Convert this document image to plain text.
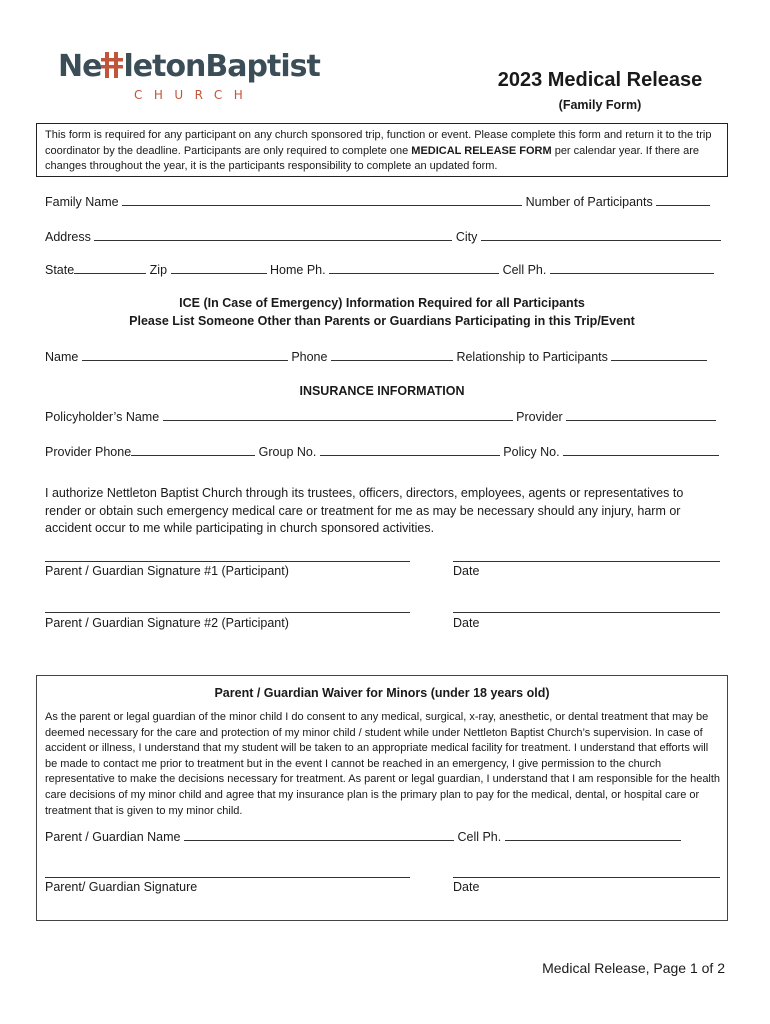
Ne letonBaptist
CHURCH
2023 Medical Release
(Family Form)
This form is required for any participant on any church sponsored trip, function or event. Please complete this form and return it to the trip coordinator by the deadline. Participants are only required to complete one MEDICAL RELEASE FORM per calendar year. If there are changes throughout the year, it is the participants responsibility to complete an updated form.
Family Name	Number of Participants
Address	City
State	Zip	Home Ph.	Cell Ph.
ICE (In Case of Emergency) Information Required for all Participants
Please List Someone Other than Parents or Guardians Participating in this Trip/Event
Name	Phone	Relationship to Participants
INSURANCE INFORMATION
Policyholder’s Name	Provider
Provider Phone	Group No.	Policy No.
I authorize Nettleton Baptist Church through its trustees, officers, directors, employees, agents or representatives to render or obtain such emergency medical care or treatment for me as may be necessary should any injury, harm or accident occur to me while participating in church sponsored activities.
Parent / Guardian Signature #1 (Participant)	Date
Parent / Guardian Signature #2 (Participant)	Date
Parent / Guardian Waiver for Minors (under 18 years old)
As the parent or legal guardian of the minor child I do consent to any medical, surgical, x-ray, anesthetic, or dental treatment that may be deemed necessary for the care and protection of my minor child / student while under Nettleton Baptist Church’s supervision. In case of accident or illness, I understand that my student will be taken to an appropriate medical facility for treatment. I understand that efforts will be made to contact me prior to treatment but in the event I cannot be reached in an emergency, I give permission to the church representative to make the decisions necessary for treatment. As parent or legal guardian, I understand that I am responsible for the health care decisions of my minor child and agree that my insurance plan is the primary plan to pay for the medical, dental, or hospital care or treatment that is given to my minor child.
Parent / Guardian Name	Cell Ph.
Parent/ Guardian Signature	Date
Medical Release, Page 1 of 2
